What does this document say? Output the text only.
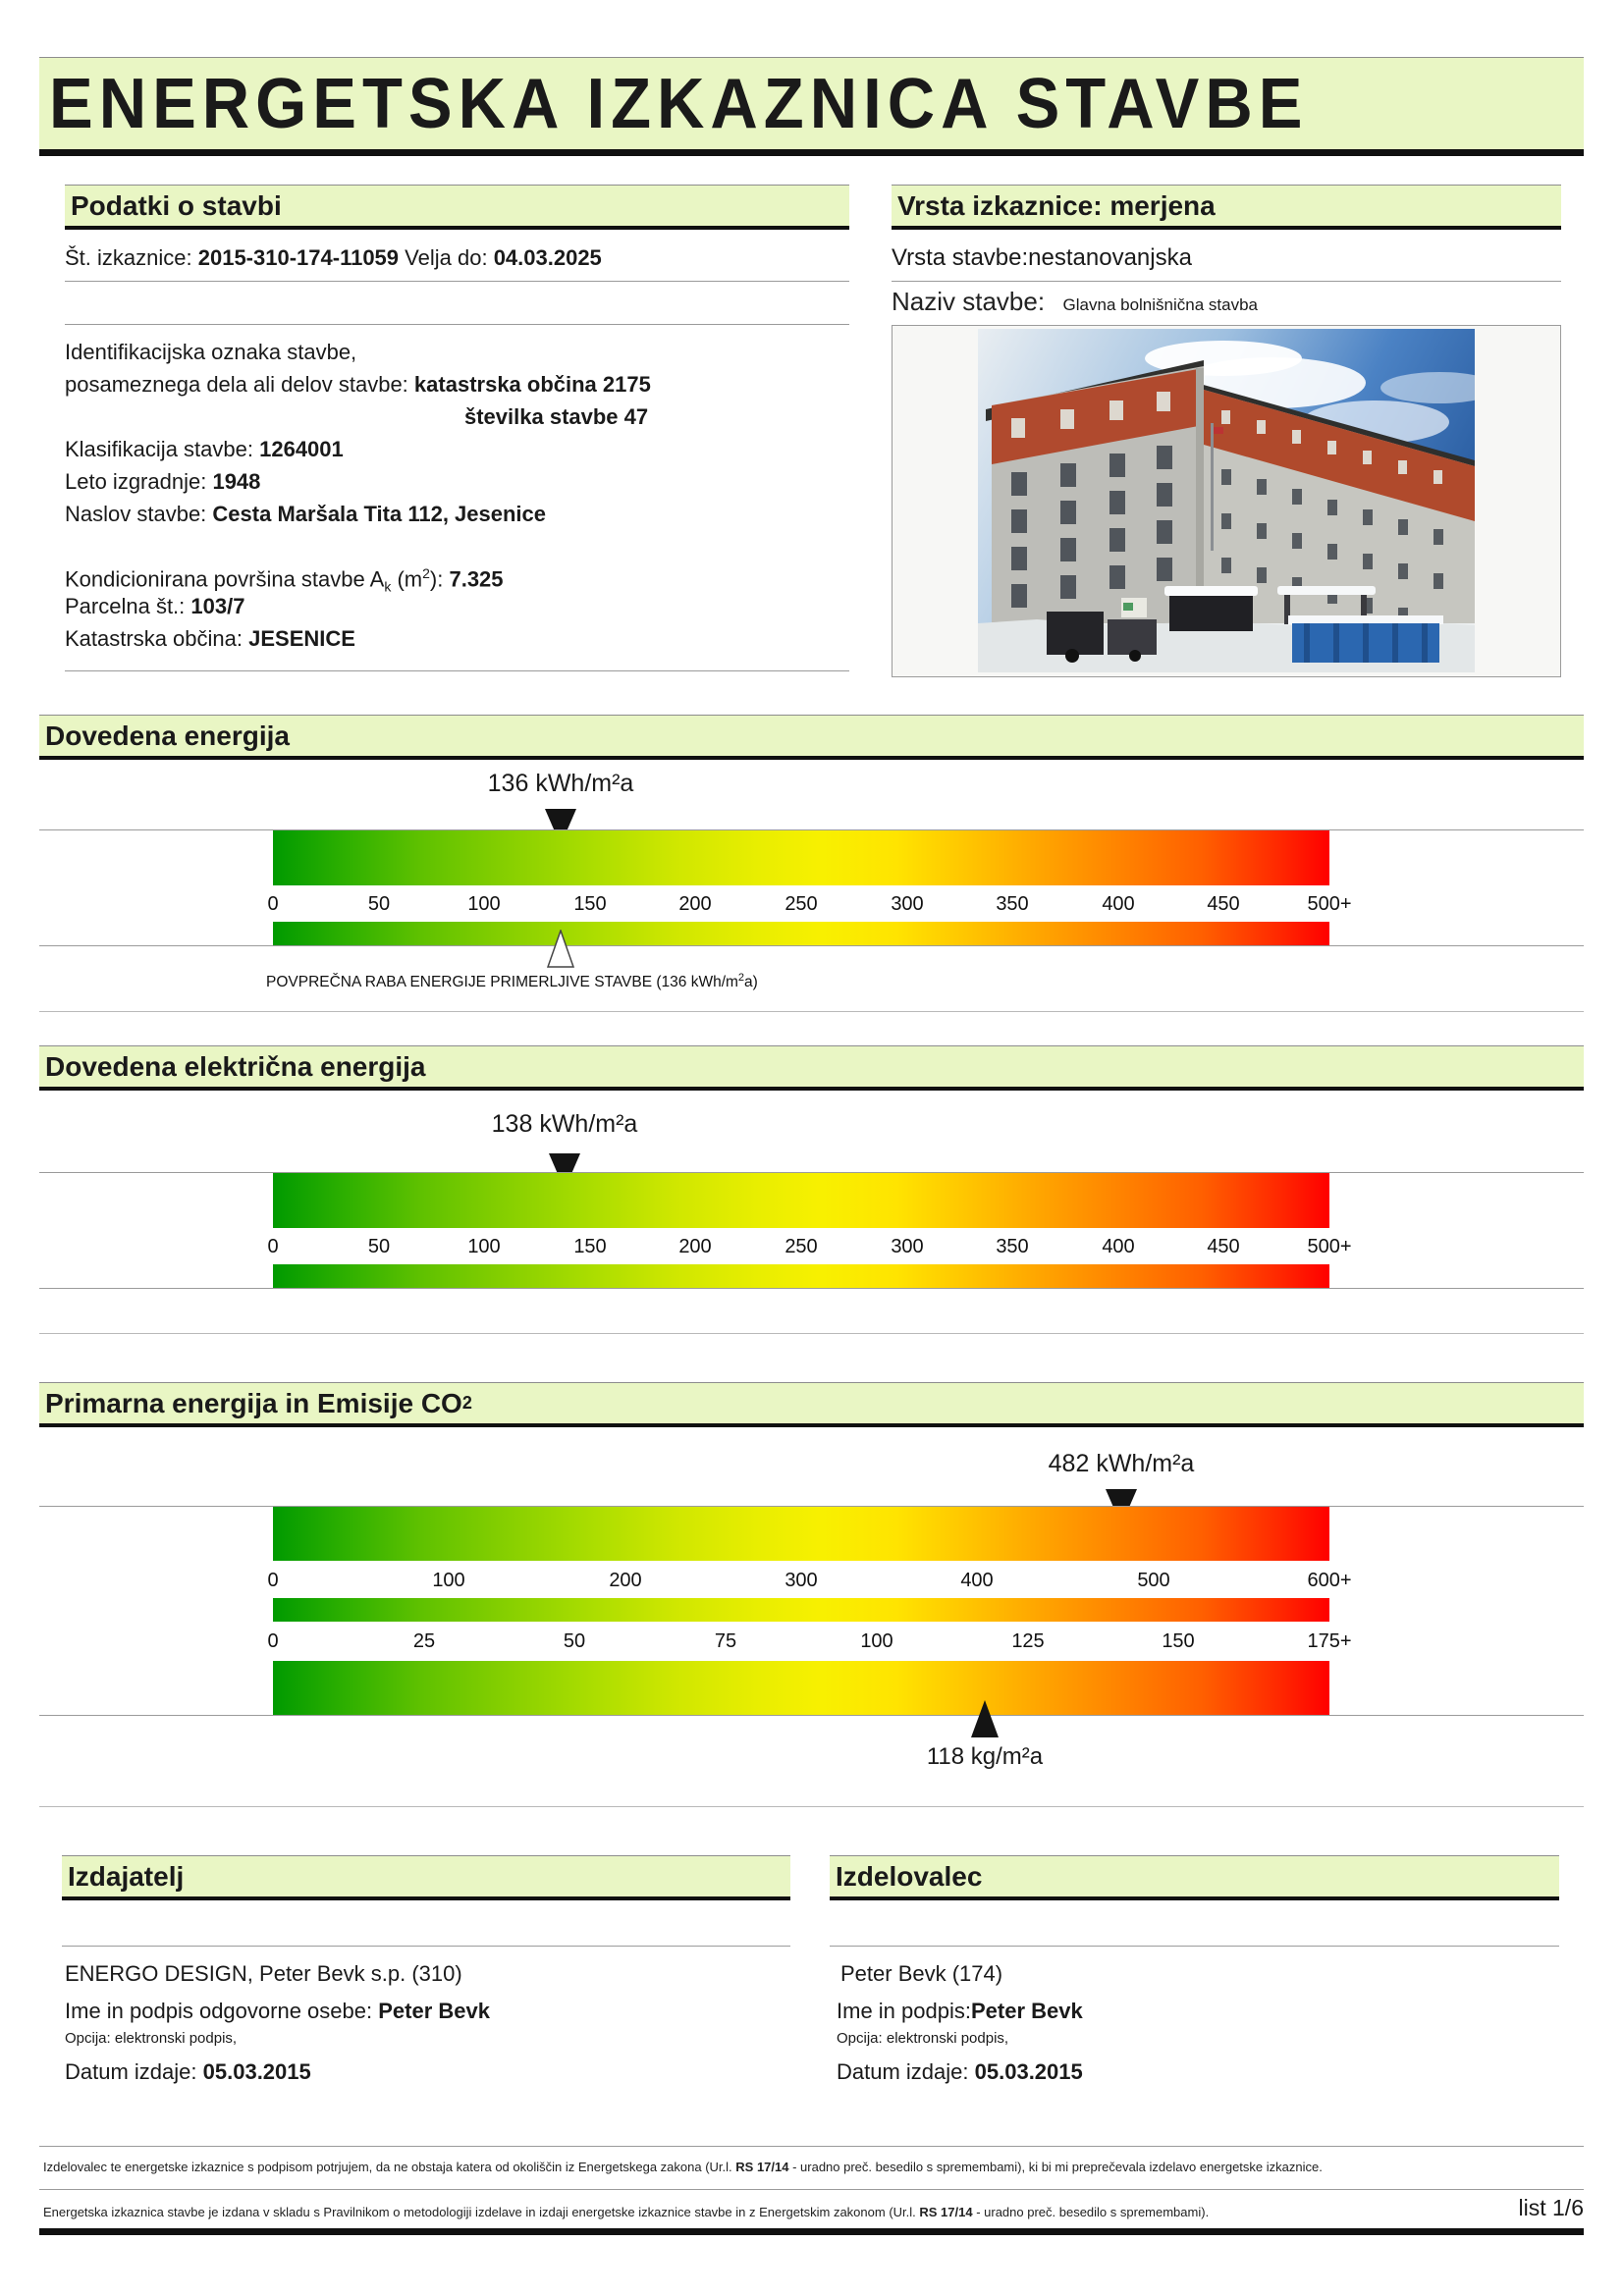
ENERGETSKA IZKAZNICA STAVBE
Podatki o stavbi
Št. izkaznice: 2015-310-174-11059 Velja do: 04.03.2025
Identifikacijska oznaka stavbe,
posameznega dela ali delov stavbe: katastrska občina 2175
številka stavbe 47
Klasifikacija stavbe: 1264001
Leto izgradnje: 1948
Naslov stavbe: Cesta Maršala Tita 112, Jesenice
Kondicionirana površina stavbe $A_k$ $(m^2)$: 7.325
Parcelna št.: 103/7
Katastrska občina: JESENICE
Vrsta izkaznice: merjena
Vrsta stavbe:nestanovanjska
Naziv stavbe: Glavna bolnišnična stavba
Dovedena energija
136 kWh/m²a
0	50	100	150	200	250	300	350	400	450	500+
POVPREČNA RABA ENERGIJE PRIMERLJIVE STAVBE (136 kWh/$m^2a$)
Dovedena električna energija
138 kWh/m²a
0	50	100	150	200	250	300	350	400	450	500+
Primarna energija in Emisije CO 2
482 kWh/m²a
0	100	200	300	400	500	600+
0	25	50	75	100	125	150	175+
118 kg/m²a
Izdajatelj
ENERGO DESIGN, Peter Bevk s.p. (310)
Ime in podpis odgovorne osebe: Peter Bevk
Opcija: elektronski podpis,
Datum izdaje: 05.03.2015
Izdelovalec
Peter Bevk (174)
Ime in podpis:Peter Bevk
Opcija: elektronski podpis,
Datum izdaje: 05.03.2015
Izdelovalec te energetske izkaznice s podpisom potrjujem, da ne obstaja katera od okoliščin iz Energetskega zakona (Ur.l. RS 17/14 - uradno preč. besedilo s spremembami), ki bi mi preprečevala izdelavo energetske izkaznice.
Energetska izkaznica stavbe je izdana v skladu s Pravilnikom o metodologiji izdelave in izdaji energetske izkaznice stavbe in z Energetskim zakonom (Ur.l. RS 17/14 - uradno preč. besedilo s spremembami).	list 1/6
